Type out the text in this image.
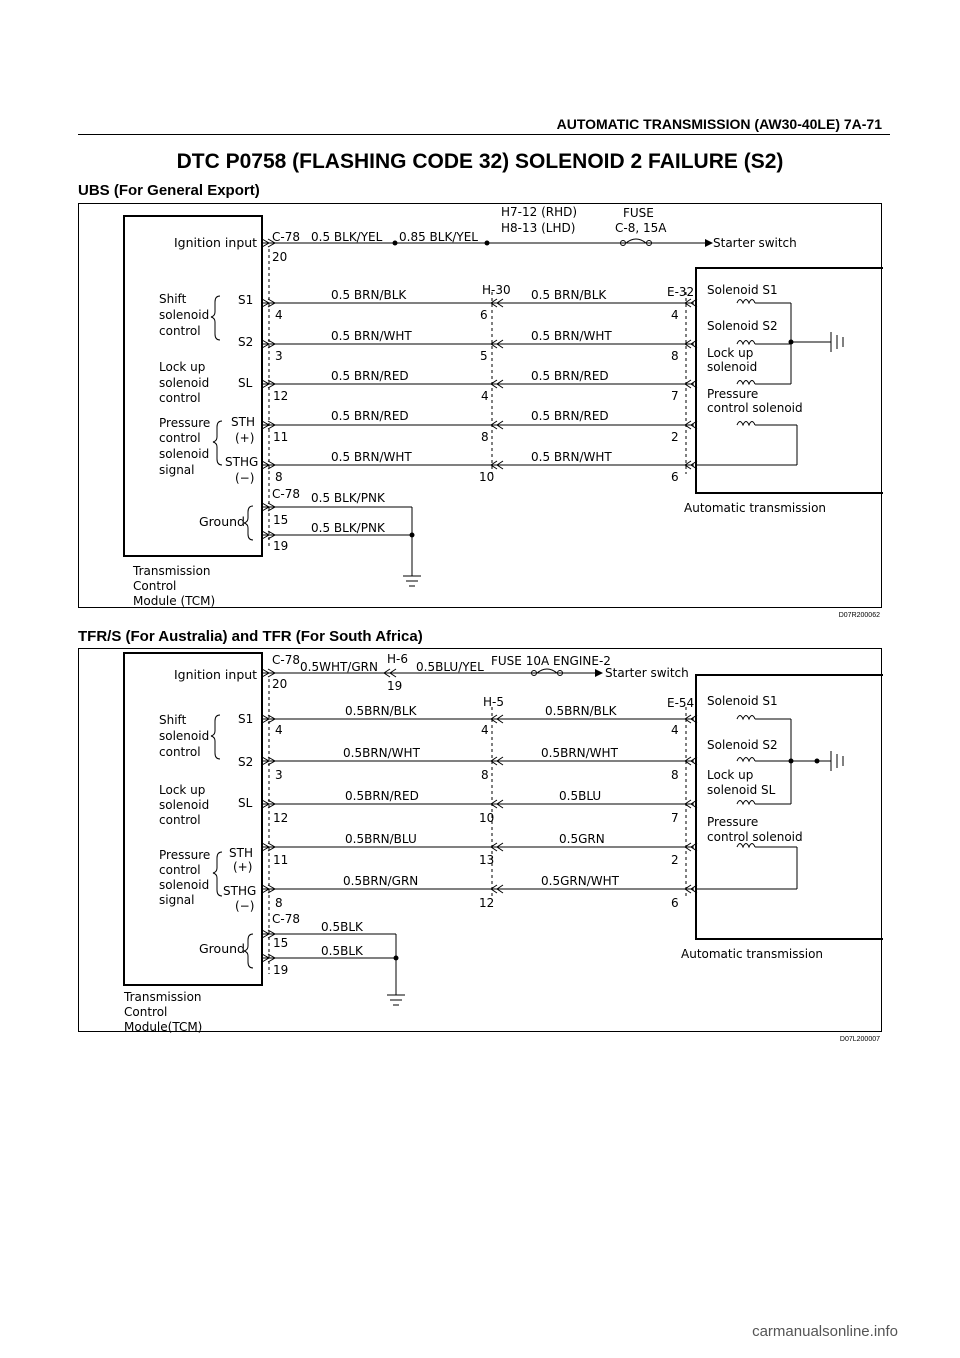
AUTOMATIC TRANSMISSION (AW30-40LE) 7A-71
DTC P0758 (FLASHING CODE 32) SOLENOID 2 FAILURE (S2)
UBS (For General Export)
Ignition input C-78
20
0.5 BLK/YEL 0.85 BLK/YEL
H7-12 (RHD)
H8-13 (LHD)
FUSE
C-8, 15A
Starter switch
H-30	E-32
Shift
solenoid
control
S1
S2
Lock up
solenoid
control
SL
Pressure
control
solenoid
signal
STH
(+)
STHG
(−)
4
0.5 BRN/BLK
6
0.5 BRN/BLK
4
3
0.5 BRN/WHT
5
0.5 BRN/WHT
8
12
0.5 BRN/RED
4
0.5 BRN/RED
7
11
0.5 BRN/RED
8
0.5 BRN/RED
2
8
0.5 BRN/WHT
10
0.5 BRN/WHT
6
C-78 0.5 BLK/PNK
0.5 BLK/PNK
Ground 15
19
Transmission
Control
Module (TCM)
Solenoid S1
Solenoid S2
Lock up
solenoid
Pressure
control solenoid
Automatic transmission
D07R200062
TFR/S (For Australia) and TFR (For South Africa)
Ignition input
C-78
20
0.5WHT/GRN
H-6
19
0.5BLU/YEL FUSE 10A ENGINE-2
Starter switch
H-5	E-54
Shift
solenoid
control
S1
S2
Lock up
solenoid
control
SL
Pressure
control
solenoid
signal
STH
(+)
STHG
(−)
4
0.5BRN/BLK
4
0.5BRN/BLK
4
3
0.5BRN/WHT
8
0.5BRN/WHT
8
12
0.5BRN/RED
10
0.5BLU
7
11
0.5BRN/BLU
13
0.5GRN
2
8
0.5BRN/GRN
12
0.5GRN/WHT
6
C-78
0.5BLK
0.5BLK
Ground 15
19
Transmission
Control
Module(TCM)
Solenoid S1
Solenoid S2
Lock up
solenoid SL
Pressure
control solenoid
Automatic transmission
D07L200007
carmanualsonline.info
